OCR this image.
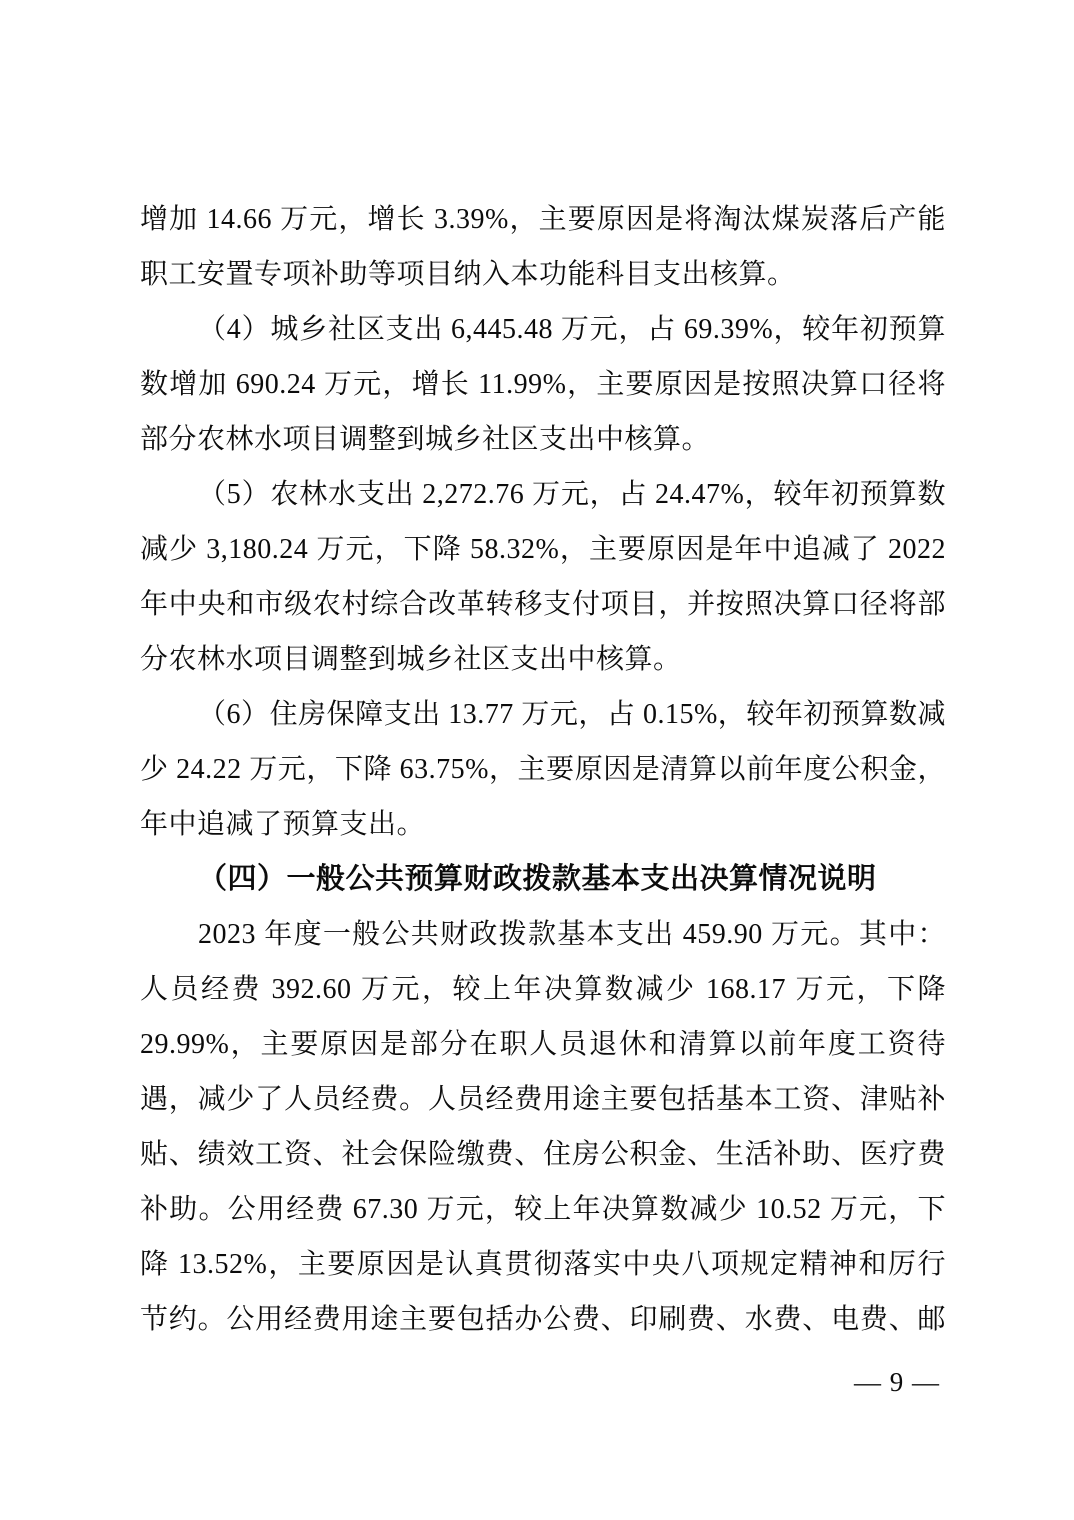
增加 14.66 万元，增长 3.39%，主要原因是将淘汰煤炭落后产能
职工安置专项补助等项目纳入本功能科目支出核算。
（4）城乡社区支出 6,445.48 万元，占 69.39%，较年初预算
数增加 690.24 万元，增长 11.99%，主要原因是按照决算口径将
部分农林水项目调整到城乡社区支出中核算。
（5）农林水支出 2,272.76 万元，占 24.47%，较年初预算数
减少 3,180.24 万元，下降 58.32%，主要原因是年中追减了 2022
年中央和市级农村综合改革转移支付项目，并按照决算口径将部
分农林水项目调整到城乡社区支出中核算。
（6）住房保障支出 13.77 万元，占 0.15%，较年初预算数减
少 24.22 万元，下降 63.75%，主要原因是清算以前年度公积金，
年中追减了预算支出。
（四）一般公共预算财政拨款基本支出决算情况说明
2023 年度一般公共财政拨款基本支出 459.90 万元。其中：
人员经费 392.60 万元，较上年决算数减少 168.17 万元，下降
29.99%，主要原因是部分在职人员退休和清算以前年度工资待
遇，减少了人员经费。人员经费用途主要包括基本工资、津贴补
贴、绩效工资、社会保险缴费、住房公积金、生活补助、医疗费
补助。公用经费 67.30 万元，较上年决算数减少 10.52 万元，下
降 13.52%，主要原因是认真贯彻落实中央八项规定精神和厉行
节约。公用经费用途主要包括办公费、印刷费、水费、电费、邮
— 9 —
